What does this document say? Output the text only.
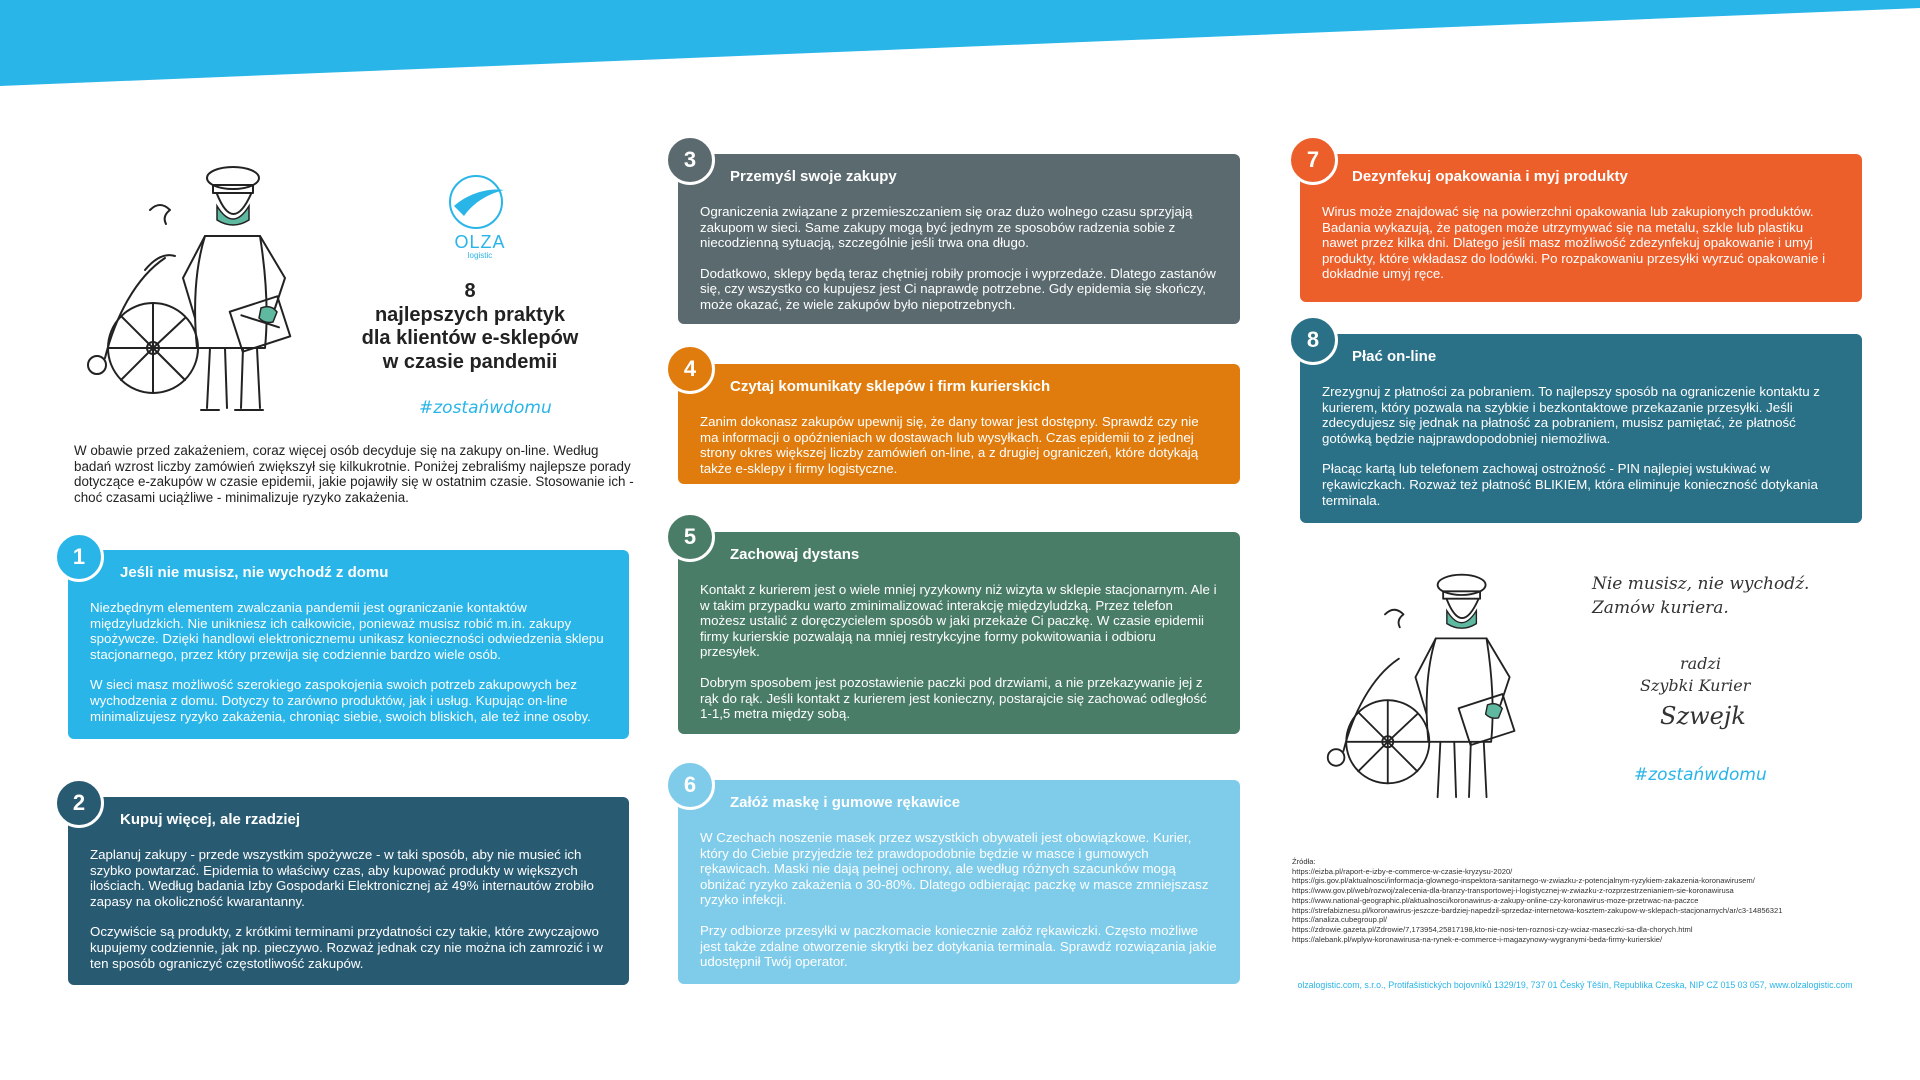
OLZA
logistic
8
najlepszych praktyk
dla klientów e-sklepów
w czasie pandemii
#zostańwdomu
W obawie przed zakażeniem, coraz więcej osób decyduje się na zakupy on-line. Według badań wzrost liczby zamówień zwiększył się kilkukrotnie. Poniżej zebraliśmy najlepsze porady dotyczące e-zakupów w czasie epidemii, jakie pojawiły się w ostatnim czasie. Stosowanie ich - choć czasami uciążliwe - minimalizuje ryzyko zakażenia.
Jeśli nie musisz, nie wychodź z domu

Niezbędnym elementem zwalczania pandemii jest ograniczanie kontaktów międzyludzkich. Nie unikniesz ich całkowicie, ponieważ musisz robić m.in. zakupy spożywcze. Dzięki handlowi elektronicznemu unikasz konieczności odwiedzenia sklepu stacjonarnego, przez który przewija się codziennie bardzo wiele osób.

W sieci masz możliwość szerokiego zaspokojenia swoich potrzeb zakupowych bez wychodzenia z domu. Dotyczy to zarówno produktów, jak i usług. Kupując on-line minimalizujesz ryzyko zakażenia, chroniąc siebie, swoich bliskich, ale też inne osoby.

1
Kupuj więcej, ale rzadziej

Zaplanuj zakupy - przede wszystkim spożywcze - w taki sposób, aby nie musieć ich szybko powtarzać. Epidemia to właściwy czas, aby kupować produkty w większych ilościach. Według badania Izby Gospodarki Elektronicznej aż 49% internautów zrobiło zapasy na okoliczność kwarantanny.

Oczywiście są produkty, z krótkimi terminami przydatności czy takie, które zwyczajowo kupujemy codziennie, jak np. pieczywo. Rozważ jednak czy nie można ich zamrozić i w ten sposób ograniczyć częstotliwość zakupów.

2
Przemyśl swoje zakupy

Ograniczenia związane z przemieszczaniem się oraz dużo wolnego czasu sprzyjają zakupom w sieci. Same zakupy mogą być jednym ze sposobów radzenia sobie z niecodzienną sytuacją, szczególnie jeśli trwa ona długo.

Dodatkowo, sklepy będą teraz chętniej robiły promocje i wyprzedaże. Dlatego zastanów się, czy wszystko co kupujesz jest Ci naprawdę potrzebne. Gdy epidemia się skończy, może okazać, że wiele zakupów było niepotrzebnych.

3
Czytaj komunikaty sklepów i firm kurierskich

Zanim dokonasz zakupów upewnij się, że dany towar jest dostępny. Sprawdź czy nie ma informacji o opóźnieniach w dostawach lub wysyłkach. Czas epidemii to z jednej strony okres większej liczby zamówień on-line, a z drugiej ograniczeń, które dotykają także e-sklepy i firmy logistyczne.

4
Zachowaj dystans

Kontakt z kurierem jest o wiele mniej ryzykowny niż wizyta w sklepie stacjonarnym. Ale i w takim przypadku warto zminimalizować interakcję międzyludzką. Przez telefon możesz ustalić z doręczycielem sposób w jaki przekaże Ci paczkę. W czasie epidemii firmy kurierskie pozwalają na mniej restrykcyjne formy pokwitowania i odbioru przesyłek.

Dobrym sposobem jest pozostawienie paczki pod drzwiami, a nie przekazywanie jej z rąk do rąk. Jeśli kontakt z kurierem jest konieczny, postarajcie się zachować odległość 1-1,5 metra między sobą.

5
Załóż maskę i gumowe rękawice

W Czechach noszenie masek przez wszystkich obywateli jest obowiązkowe. Kurier, który do Ciebie przyjedzie też prawdopodobnie będzie w masce i gumowych rękawicach. Maski nie dają pełnej ochrony, ale według różnych szacunków mogą obniżać ryzyko zakażenia o 30-80%. Dlatego odbierając paczkę w masce zmniejszasz ryzyko infekcji.

Przy odbiorze przesyłki w paczkomacie koniecznie załóż rękawiczki. Często możliwe jest także zdalne otworzenie skrytki bez dotykania terminala. Sprawdź rozwiązania jakie udostępnił Twój operator.

6
Dezynfekuj opakowania i myj produkty

Wirus może znajdować się na powierzchni opakowania lub zakupionych produktów. Badania wykazują, że patogen może utrzymywać się na metalu, szkle lub plastiku nawet przez kilka dni. Dlatego jeśli masz możliwość zdezynfekuj opakowanie i umyj produkty, które wkładasz do lodówki. Po rozpakowaniu przesyłki wyrzuć opakowanie i dokładnie umyj ręce.

7
Płać on-line

Zrezygnuj z płatności za pobraniem. To najlepszy sposób na ograniczenie kontaktu z kurierem, który pozwala na szybkie i bezkontaktowe przekazanie przesyłki. Jeśli zdecydujesz się jednak na płatność za pobraniem, musisz pamiętać, że płatność gotówką będzie najprawdopodobniej niemożliwa.

Płacąc kartą lub telefonem zachowaj ostrożność - PIN najlepiej wstukiwać w rękawiczkach. Rozważ też płatność BLIKIEM, która eliminuje konieczność dotykania terminala.

8
Nie musisz, nie wychodź.
Zamów kuriera.
radzi
Szybki Kurier
Szwejk
#zostańwdomu
Źródła:
https://eizba.pl/raport-e-izby-e-commerce-w-czasie-kryzysu-2020/
https://gis.gov.pl/aktualnosci/informacja-glownego-inspektora-sanitarnego-w-zwiazku-z-potencjalnym-ryzykiem-zakazenia-koronawirusem/
https://www.gov.pl/web/rozwoj/zalecenia-dla-branzy-transportowej-i-logistycznej-w-zwiazku-z-rozprzestrzenianiem-sie-koronawirusa
https://www.national-geographic.pl/aktualnosci/koronawirus-a-zakupy-online-czy-koronawirus-moze-przetrwac-na-paczce
https://strefabiznesu.pl/koronawirus-jeszcze-bardziej-napedzil-sprzedaz-internetowa-kosztem-zakupow-w-sklepach-stacjonarnych/ar/c3-14856321
https://analiza.cubegroup.pl/
https://zdrowie.gazeta.pl/Zdrowie/7,173954,25817198,kto-nie-nosi-ten-roznosi-czy-wciaz-maseczki-sa-dla-chorych.html
https://alebank.pl/wplyw-koronawirusa-na-rynek-e-commerce-i-magazynowy-wygranymi-beda-firmy-kurierskie/
olzalogistic.com, s.r.o., Protifašistických bojovníků 1329/19, 737 01 Český Těšín, Republika Czeska, NIP CZ 015 03 057, www.olzalogistic.com
